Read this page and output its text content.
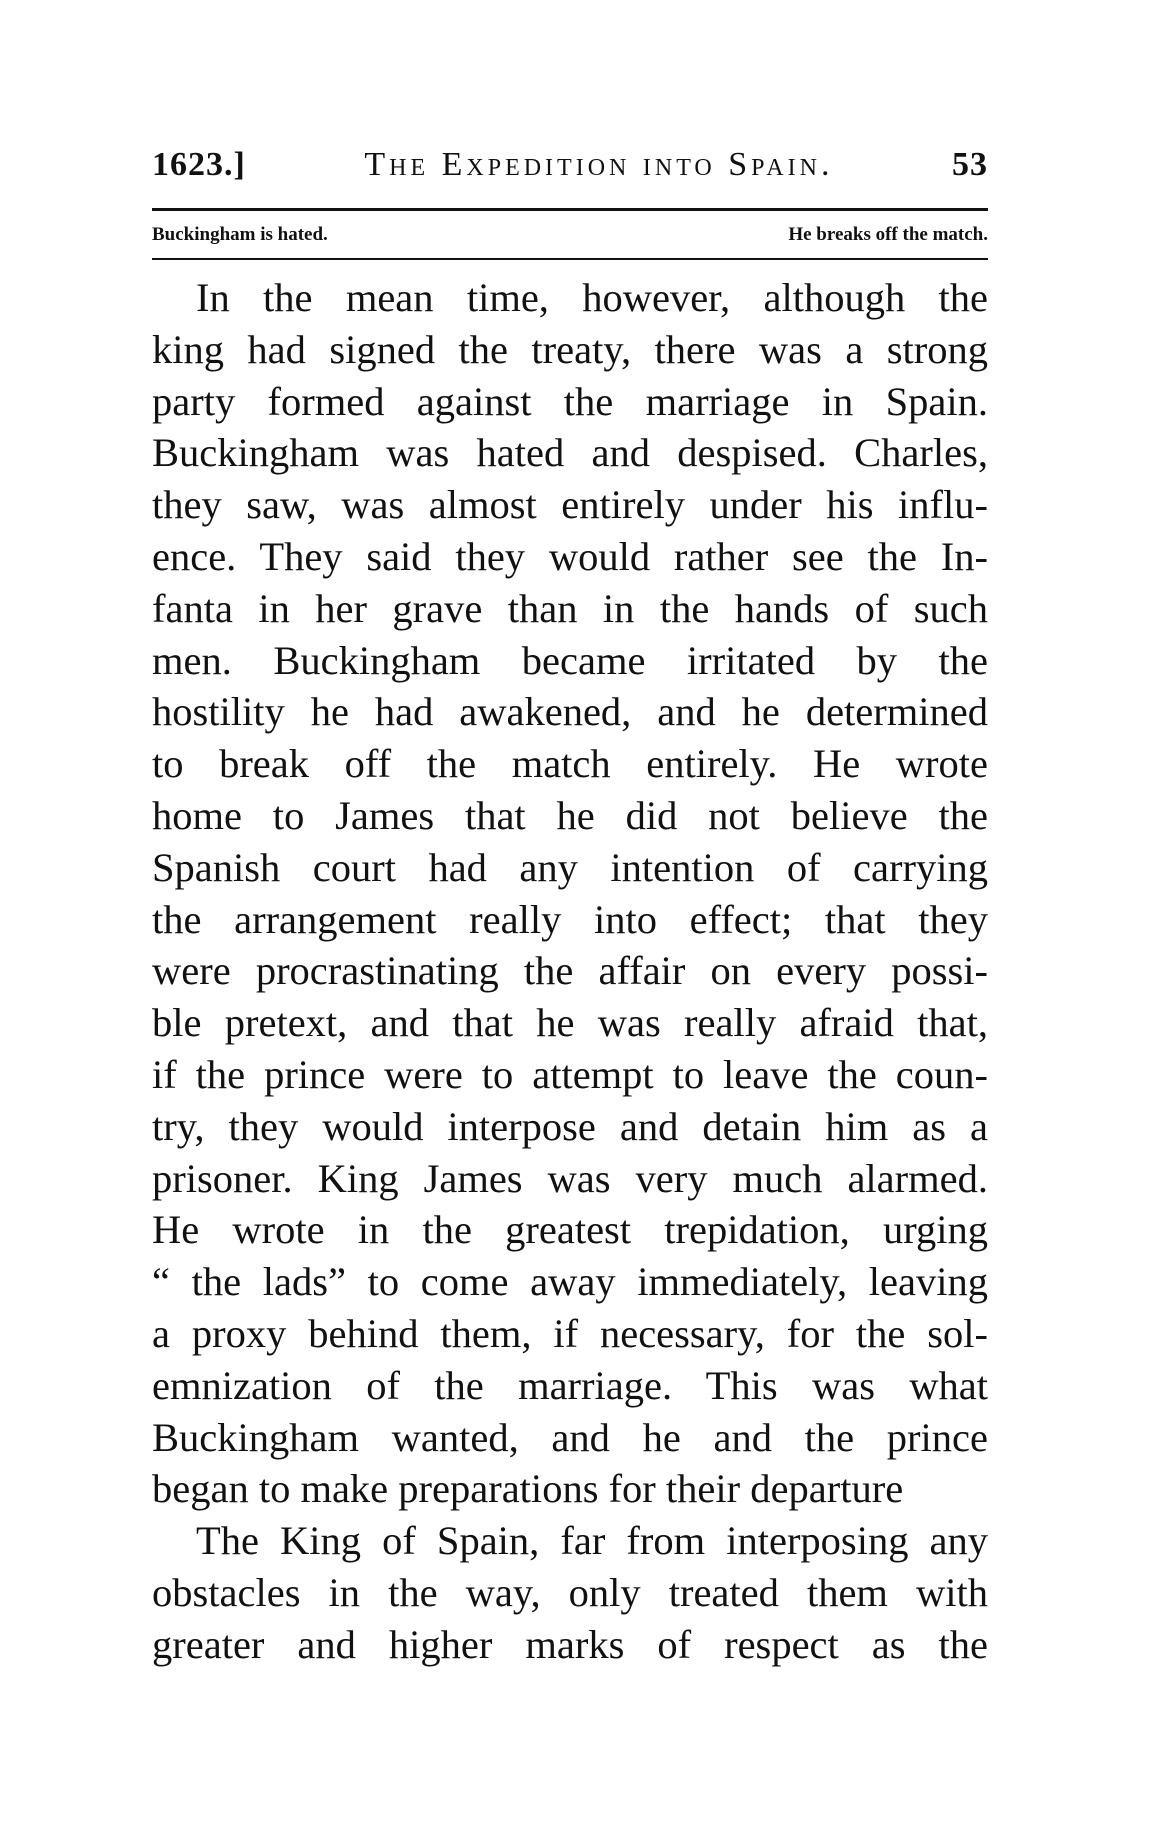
1623.]	The Expedition into Spain.	53
Buckingham is hated.	He breaks off the match.
In the mean time, however, although the
king had signed the treaty, there was a strong
party formed against the marriage in Spain.
Buckingham was hated and despised. Charles,
they saw, was almost entirely under his influ-
ence. They said they would rather see the In-
fanta in her grave than in the hands of such
men. Buckingham became irritated by the
hostility he had awakened, and he determined
to break off the match entirely. He wrote
home to James that he did not believe the
Spanish court had any intention of carrying
the arrangement really into effect; that they
were procrastinating the affair on every possi-
ble pretext, and that he was really afraid that,
if the prince were to attempt to leave the coun-
try, they would interpose and detain him as a
prisoner. King James was very much alarmed.
He wrote in the greatest trepidation, urging
“ the lads” to come away immediately, leaving
a proxy behind them, if necessary, for the sol-
emnization of the marriage. This was what
Buckingham wanted, and he and the prince
began to make preparations for their departure
The King of Spain, far from interposing any
obstacles in the way, only treated them with
greater and higher marks of respect as the
